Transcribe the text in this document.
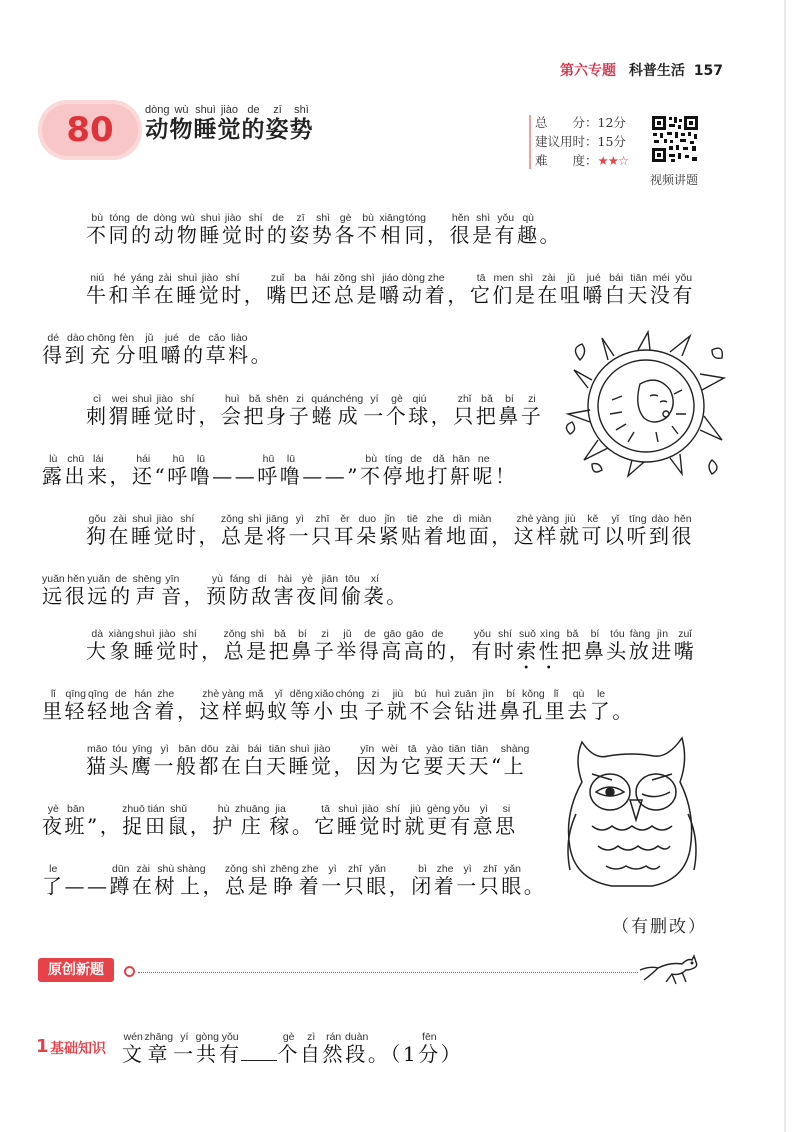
第六专题 科普生活 157
80 动dòng物wù睡shuì觉jiào的de姿zī势shì
总　　分：12分
建议用时：15分
难　　度：★★☆
视频讲题
不bù同tóng的de动dòng物wù睡shuì觉jiào时shí的de姿zī势shì各gè不bù相xiāng同tóng，很hěn是shì有yǒu趣qù。
牛niú和hé羊yáng在zài睡shuì觉jiào时shí，嘴zuǐ巴ba还hái总zǒng是shì嚼jiáo动dòng着zhe，它tā们men是shì在zài咀jǔ嚼jué白bái天tiān没méi有yǒu
得dé到dào充chōng分fèn咀jǔ嚼jué的de草cǎo料liào。
刺cì猬wei睡shuì觉jiào时shí，会huì把bǎ身shēn子zi蜷quán成chéng一yí个gè球qiú，只zhǐ把bǎ鼻bí子zi
露lù出chū来lái，还hái“呼hū噜lū——呼hū噜lū——”不bù停tíng地de打dǎ鼾hān呢ne！
狗gǒu在zài睡shuì觉jiào时shí，总zǒng是shì将jiāng一yì只zhī耳ěr朵duo紧jǐn贴tiē着zhe地dì面miàn，这zhè样yàng就jiù可kě以yǐ听tīng到dào很hěn
远yuǎn很hěn远yuǎn的de声shēng音yīn，预yù防fáng敌dí害hài夜yè间jiān偷tōu袭xí。
大dà象xiàng睡shuì觉jiào时shí，总zǒng是shì把bǎ鼻bí子zi举jǔ得de高gāo高gāo的de，有yǒu时shí索suǒ性xìng把bǎ鼻bí头tóu放fàng进jìn嘴zuǐ
里lǐ轻qīng轻qīng地de含hán着zhe，这zhè样yàng蚂mǎ蚁yǐ等děng小xiǎo虫chóng子zi就jiù不bú会huì钻zuān进jìn鼻bí孔kǒng里lǐ去qù了le。
猫māo头tóu鹰yīng一yì般bān都dōu在zài白bái天tiān睡shuì觉jiào，因yīn为wèi它tā要yào天tiān天tiān“上shàng
夜yè班bān”，捉zhuō田tián鼠shǔ，护hù庄zhuāng稼jia。它tā睡shuì觉jiào时shí就jiù更gèng有yǒu意yì思si
了le——蹲dūn在zài树shù上shàng，总zǒng是shì睁zhēng着zhe一yì只zhī眼yǎn，闭bì着zhe一yì只zhī眼yǎn。
（有删改）
原创新题
1 基础知识 文wén章zhāng一yí共gòng有yǒu个gè自zì然rán段duàn。（1分fēn）
